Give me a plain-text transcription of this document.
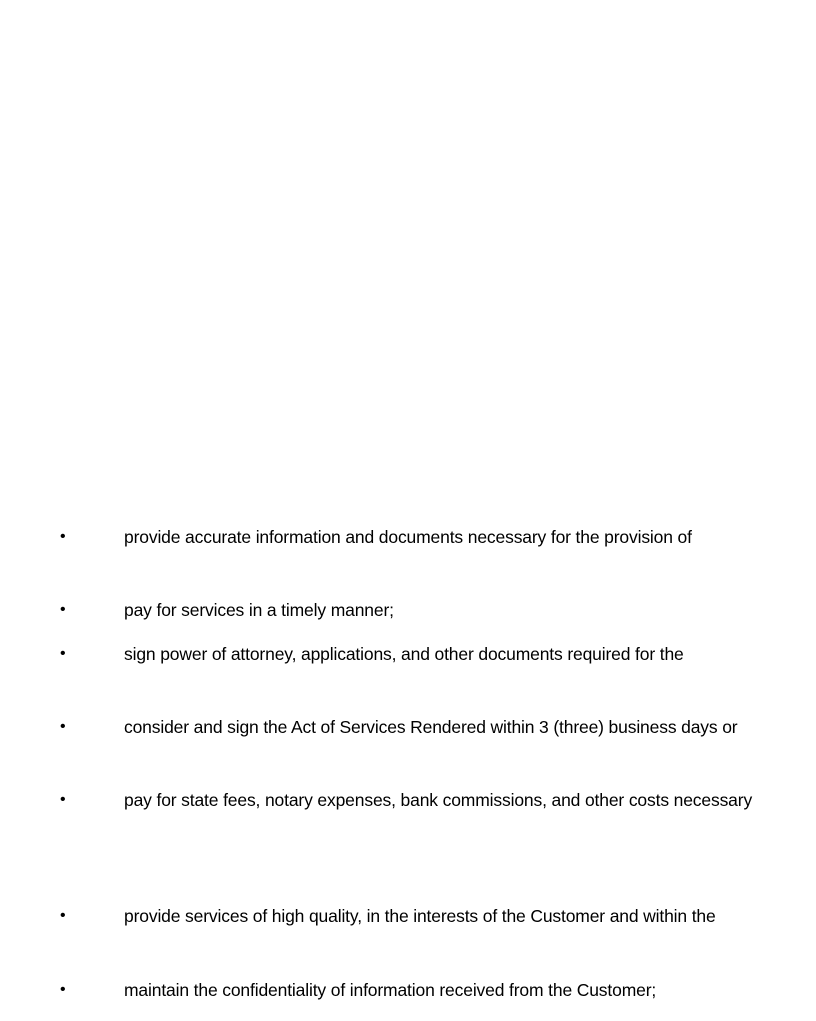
•	provide accurate information and documents necessary for the provision of
•	pay for services in a timely manner;
•	sign power of attorney, applications, and other documents required for the
•	consider and sign the Act of Services Rendered within 3 (three) business days or
•	pay for state fees, notary expenses, bank commissions, and other costs necessary
•	provide services of high quality, in the interests of the Customer and within the
•	maintain the confidentiality of information received from the Customer;
